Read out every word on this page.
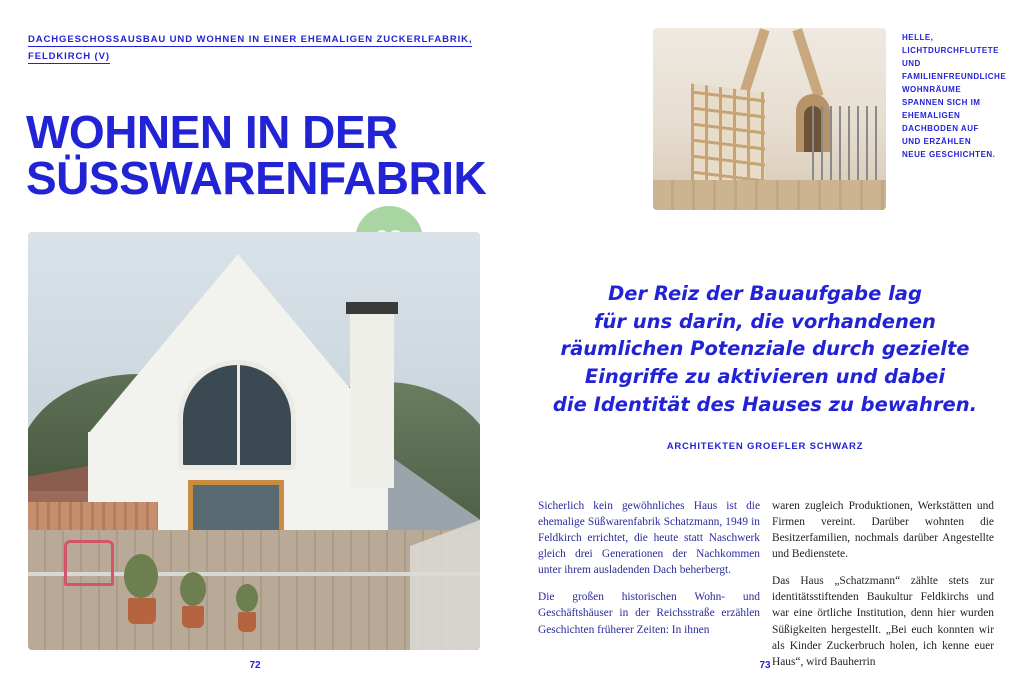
DACHGESCHOSSAUSBAU UND WOHNEN IN EINER EHEMALIGEN ZUCKERLFABRIK,
FELDKIRCH (V)
WOHNEN IN DER
SÜSSWARENFABRIK
72
HELLE, LICHTDURCHFLUTETE UND FAMILIENFREUNDLICHE WOHNRÄUME SPANNEN SICH IM EHEMALIGEN DACHBODEN AUF UND ERZÄHLEN NEUE GESCHICHTEN.
Der Reiz der Bauaufgabe lag
für uns darin, die vorhandenen
räumlichen Potenziale durch gezielte
Eingriffe zu aktivieren und dabei
die Identität des Hauses zu bewahren.
ARCHITEKTEN GROEFLER SCHWARZ

Sicherlich kein gewöhnliches Haus ist die ehemalige Süßwarenfabrik Schatzmann, 1949 in Feldkirch errichtet, die heute statt Naschwerk gleich drei Generationen der Nachkommen unter ihrem ausladenden Dach beherbergt.

Die großen historischen Wohn- und Geschäftshäuser in der Reichsstraße erzählen Geschichten früherer Zeiten: In ihnen

waren zugleich Produktionen, Werkstätten und Firmen vereint. Darüber wohnten die Besitzerfamilien, nochmals darüber Angestellte und Bedienstete.

Das Haus „Schatzmann“ zählte stets zur identitätsstiftenden Baukultur Feldkirchs und war eine örtliche Institution, denn hier wurden Süßigkeiten hergestellt. „Bei euch konnten wir als Kinder Zuckerbruch holen, ich kenne euer Haus“, wird Bauherrin

73
